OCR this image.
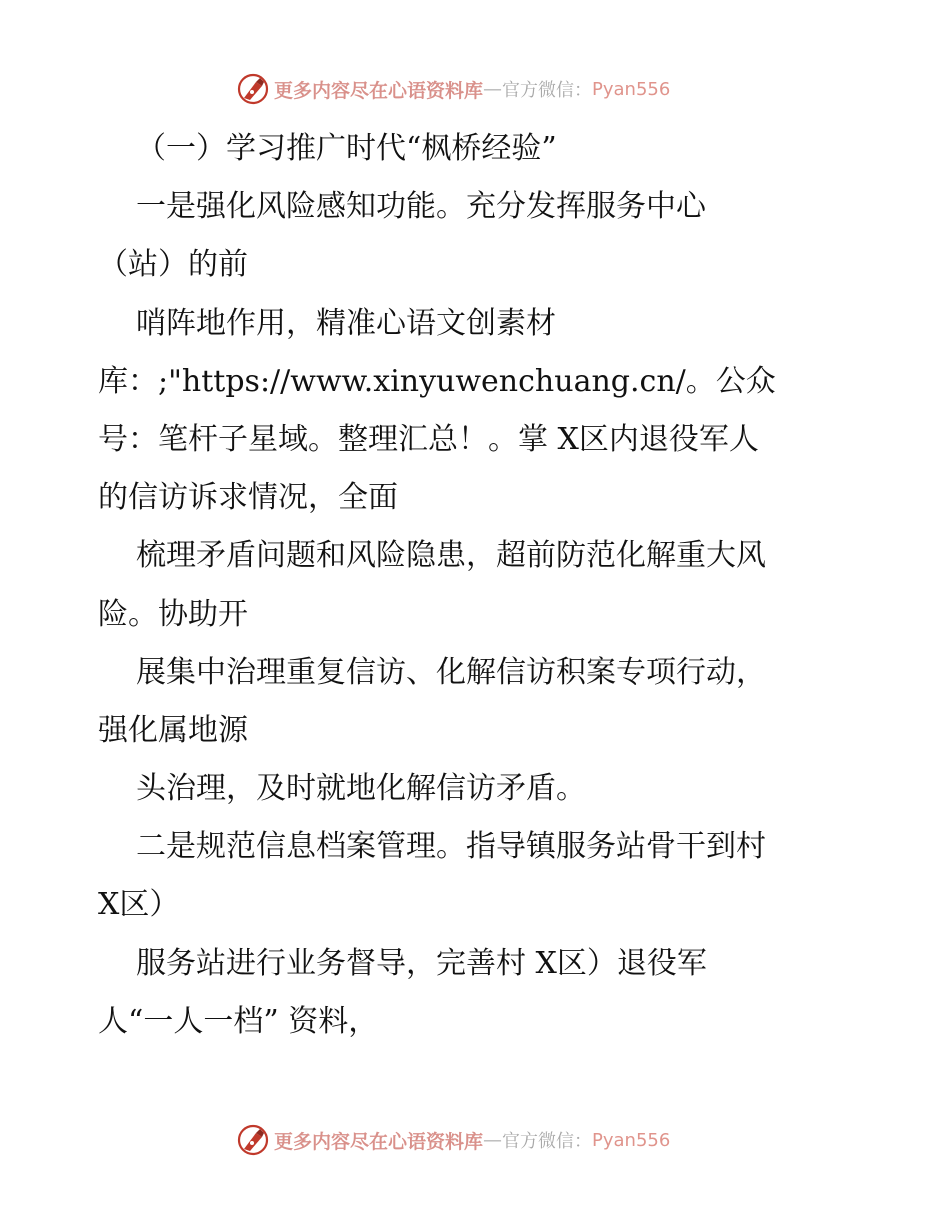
更多内容尽在心语资料库 — 官方微信： Pyan556
（一）学习推广时代“枫桥经验”
一是强化风险感知功能。充分发挥服务中心
（站）的前
哨阵地作用，精准心语文创素材
库：;"https://www.xinyuwenchuang.cn/。公众
号：笔杆子星域。整理汇总！。掌 X区内退役军人
的信访诉求情况，全面
梳理矛盾问题和风险隐患，超前防范化解重大风
险。协助开
展集中治理重复信访、化解信访积案专项行动，
强化属地源
头治理，及时就地化解信访矛盾。
二是规范信息档案管理。指导镇服务站骨干到村
X区）
服务站进行业务督导，完善村 X区）退役军
人“一人一档” 资料，
更多内容尽在心语资料库 — 官方微信： Pyan556
